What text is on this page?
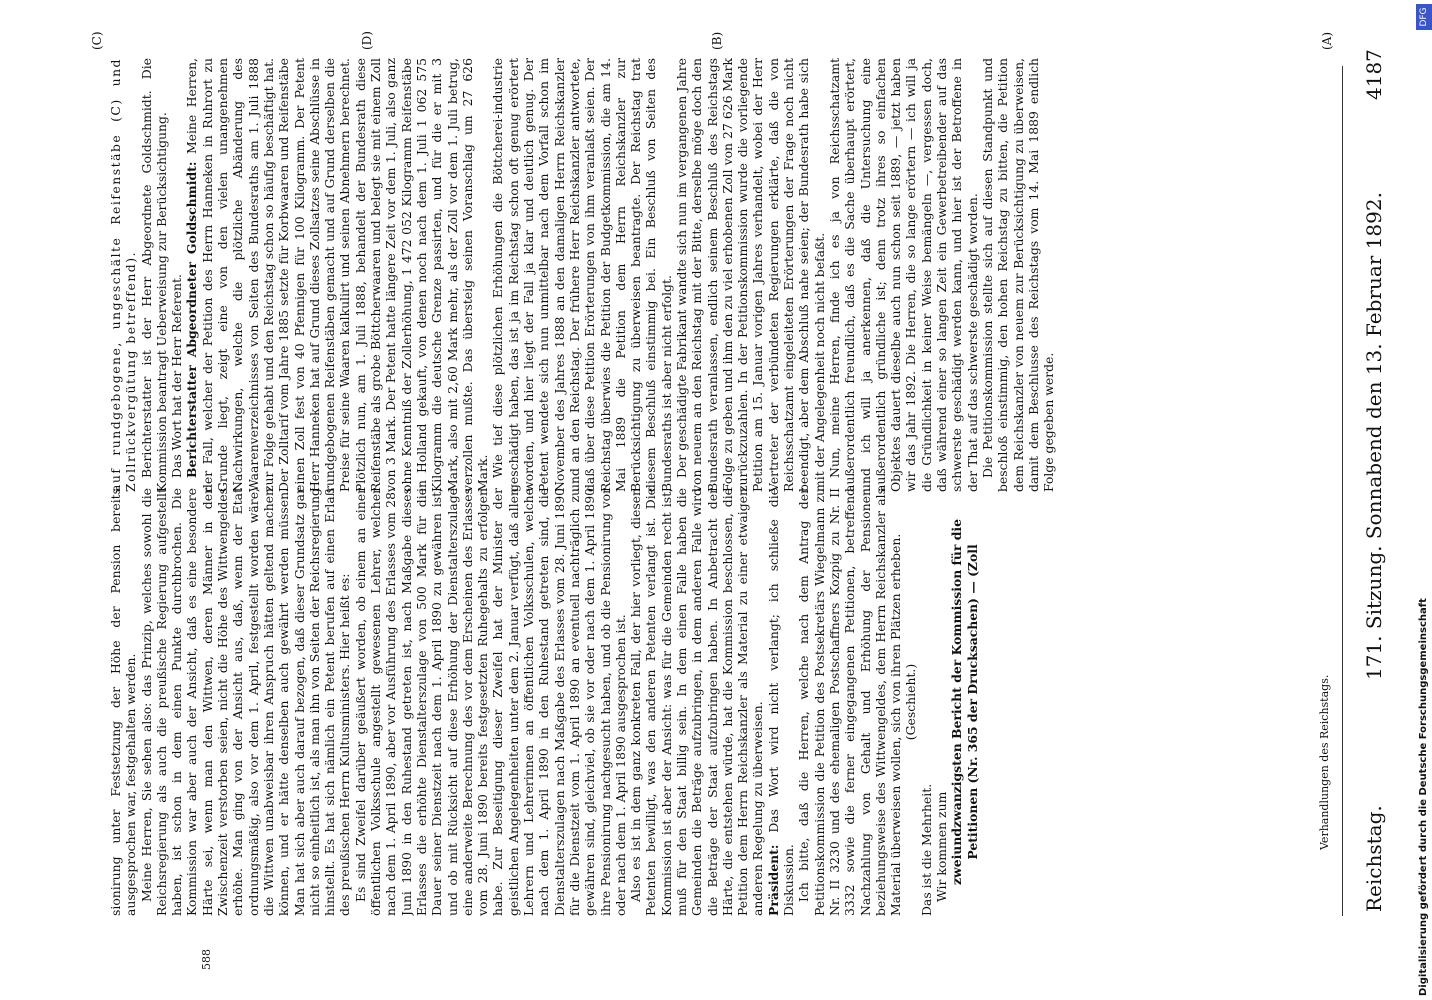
Reichstag.
171. Sitzung. Sonnabend den 13. Februar 1892.
4187
(A)
(B)
(C)	(D)

sionirung unter Festsetzung der Höhe der Pension bereits ausgesprochen war, festgehalten werden. Meine Herren, Sie sehen also: das Prinzip, welches sowohl die Reichsregierung als auch die preußische Regierung aufgestellt haben, ist schon in dem einen Punkte durchbrochen. Die Kommission war aber auch der Ansicht, daß es eine besondere Härte sei, wenn man den Wittwen, deren Männer in der Zwischenzeit verstorben seien, nicht die Höhe des Wittwengeldes erhöhe. Man ging von der Ansicht aus, daß, wenn der Etat ordnungsmäßig, also vor dem 1. April, festgestellt worden wäre, die Wittwen unabweisbar ihren Anspruch hätten geltend machen können, und er hätte denselben auch gewährt werden müssen. Man hat sich aber auch darauf bezogen, daß dieser Grundsatz gar nicht so einheitlich ist, als man ihn von Seiten der Reichsregierung hinstellt. Es hat sich nämlich ein Petent berufen auf einen Erlaß des preußischen Herrn Kultusministers. Hier heißt es: Es sind Zweifel darüber geäußert worden, ob einem an einer öffentlichen Volksschule angestellt gewesenen Lehrer, welcher nach dem 1. April 1890, aber vor Ausführung des Erlasses vom 28. Juni 1890 in den Ruhestand getreten ist, nach Maßgabe dieses Erlasses die erhöhte Dienstalterszulage von 500 Mark für die Dauer seiner Dienstzeit nach dem 1. April 1890 zu gewähren ist, und ob mit Rücksicht auf diese Erhöhung der Dienstalterszulage eine anderweite Berechnung des vor dem Erscheinen des Erlasses vom 28. Juni 1890 bereits festgesetzten Ruhegehalts zu erfolgen habe. Zur Beseitigung dieser Zweifel hat der Minister der geistlichen Angelegenheiten unter dem 2. Januar verfügt, daß allen Lehrern und Lehrerinnen an öffentlichen Volksschulen, welche nach dem 1. April 1890 in den Ruhestand getreten sind, die Dienstalterszulagen nach Maßgabe des Erlasses vom 28. Juni 1890 für die Dienstzeit vom 1. April 1890 an eventuell nachträglich zu gewähren sind, gleichviel, ob sie vor oder nach dem 1. April 1890 ihre Pensionirung nachgesucht haben, und ob die Pensionirung vor oder nach dem 1. April 1890 ausgesprochen ist. Also es ist in dem ganz konkreten Fall, der hier vorliegt, diesen Petenten bewilligt, was den anderen Petenten verlangt ist. Die Kommission ist aber der Ansicht: was für die Gemeinden recht ist, muß für den Staat billig sein. In dem einen Falle haben die Gemeinden die Beträge aufzubringen, in dem anderen Falle wird die Beträge der Staat aufzubringen haben. In Anbetracht der Härte, die entstehen würde, hat die Kommission beschlossen, die Petition dem Herrn Reichskanzler als Material zu einer etwaigen anderen Regelung zu überweisen. Präsident: Das Wort wird nicht verlangt; ich schließe die Diskussion. Ich bitte, daß die Herren, welche nach dem Antrag der Petitionskommission die Petition des Postsekretärs Wiegelmann zu Nr. II 3230 und des ehemaligen Postschaffners Kozpig zu Nr. II 3332 sowie die ferner eingegangenen Petitionen, betreffend Nachzahlung von Gehalt und Erhöhung der Pensionen beziehungsweise des Wittwengeldes, dem Herrn Reichskanzler als Material überweisen wollen, sich von ihren Plätzen erheben. (Geschieht.)

Das ist die Mehrheit. Wir kommen zum zweiundzwanzigsten Bericht der Kommission für die Petitionen (Nr. 365 der Drucksachen) — (Zoll

auf rundgebogene, ungeschälte Reifenstäbe (C) und Zollrückvergütung betreffend). Berichterstatter ist der Herr Abgeordnete Goldschmidt. Die Kommission beantragt Ueberweisung zur Berücksichtigung. Das Wort hat der Herr Referent. Berichterstatter Abgeordneter Goldschmidt: Meine Herren, der Fall, welcher der Petition des Herrn Hanneken in Ruhrort zu Grunde liegt, zeigt eine von den vielen unangenehmen Nachwirkungen, welche die plötzliche Abänderung des Waarenverzeichnisses von Seiten des Bundesraths am 1. Juli 1888 zur Folge gehabt und den Reichstag schon so häufig beschäftigt hat. Der Zolltarif vom Jahre 1885 setzte für Korbwaaren und Reifenstäbe einen Zoll fest von 40 Pfennigen für 100 Kilogramm. Der Petent Herr Hanneken hat auf Grund dieses Zollsatzes seine Abschlüsse in rundgebogenen Reifenstäben gemacht und auf Grund derselben die Preise für seine Waaren kalkulirt und seinen Abnehmern berechnet. Plötzlich nun, am 1. Juli 1888, behandelt der Bundesrath diese Reifenstäbe als grobe Böttcherwaaren und belegt sie mit einem Zoll von 3 Mark. Der Petent hatte längere Zeit vor dem 1. Juli, also ganz ohne Kenntniß der Zollerhöhung, 1 472 052 Kilogramm Reifenstäbe in Holland gekauft, von denen noch nach dem 1. Juli 1 062 575 Kilogramm die deutsche Grenze passirten, und für die er mit 3 Mark, also mit 2,60 Mark mehr, als der Zoll vor dem 1. Juli betrug, verzollen mußte. Das übersteig seinen Voranschlag um 27 626 Mark. Wie tief diese plötzlichen Erhöhungen die Böttcherei-industrie geschädigt haben, das ist ja im Reichstag schon oft genug erörtert worden, und hier liegt der Fall ja klar und deutlich genug. Der Petent wendete sich nun unmittelbar nach dem Vorfall schon im November des Jahres 1888 an den damaligen Herrn Reichskanzler und an den Reichstag. Der frühere Herr Reichskanzler antwortete, daß über diese Petition Erörterungen von ihm veranlaßt seien. Der Reichstag überwies die Petition der Budgetkommission, die am 14. Mai 1889 die Petition dem Herrn Reichskanzler zur Berücksichtigung zu überweisen beantragte. Der Reichstag trat diesem Beschluß einstimmig bei. Ein Beschluß von Seiten des Bundesraths ist aber nicht erfolgt. Der geschädigte Fabrikant wandte sich nun im vergangenen Jahre von neuem an den Reichstag mit der Bitte, derselbe möge doch den Bundesrath veranlassen, endlich seinem Beschluß des Reichstags Folge zu geben und ihm den zu viel erhobenen Zoll von 27 626 Mark zurückzuzahlen. In der Petitionskommission wurde die vorliegende Petition am 15. Januar vorigen Jahres verhandelt, wobei der Herr Vertreter der verbündeten Regierungen erklärte, daß die von Reichsschatzamt eingeleiteten Erörterungen der Frage noch nicht beendigt, aber dem Abschluß nahe seien; der Bundesrath habe sich mit der Angelegenheit noch nicht befaßt. Nun, meine Herren, finde ich es ja von Reichsschatzamt außerordentlich freundlich, daß es die Sache überhaupt erörtert, und ich will ja anerkennen, daß die Untersuchung eine außerordentlich gründliche ist; denn trotz ihres so einfachen Objektes dauert dieselbe auch nun schon seit 1889, — jetzt haben wir das Jahr 1892. Die Herren, die so lange erörtern — ich will ja die Gründlichkeit in keiner Weise bemängeln —, vergessen doch, daß während einer so langen Zeit ein Gewerbetreibender auf das schwerste geschädigt werden kann, und hier ist der Betroffene in der That auf das schwerste geschädigt worden. Die Petitionskommission stellte sich auf diesen Standpunkt und beschloß einstimmig, den hohen Reichstag zu bitten, die Petition dem Reichskanzler von neuem zur Berücksichtigung zu überweisen, damit dem Beschlusse des Reichstags vom 14. Mai 1889 endlich Folge gegeben werde.

Verhandlungen des Reichstags.
588	Digitalisierung gefördert durch die Deutsche Forschungsgemeinschaft
DFG
